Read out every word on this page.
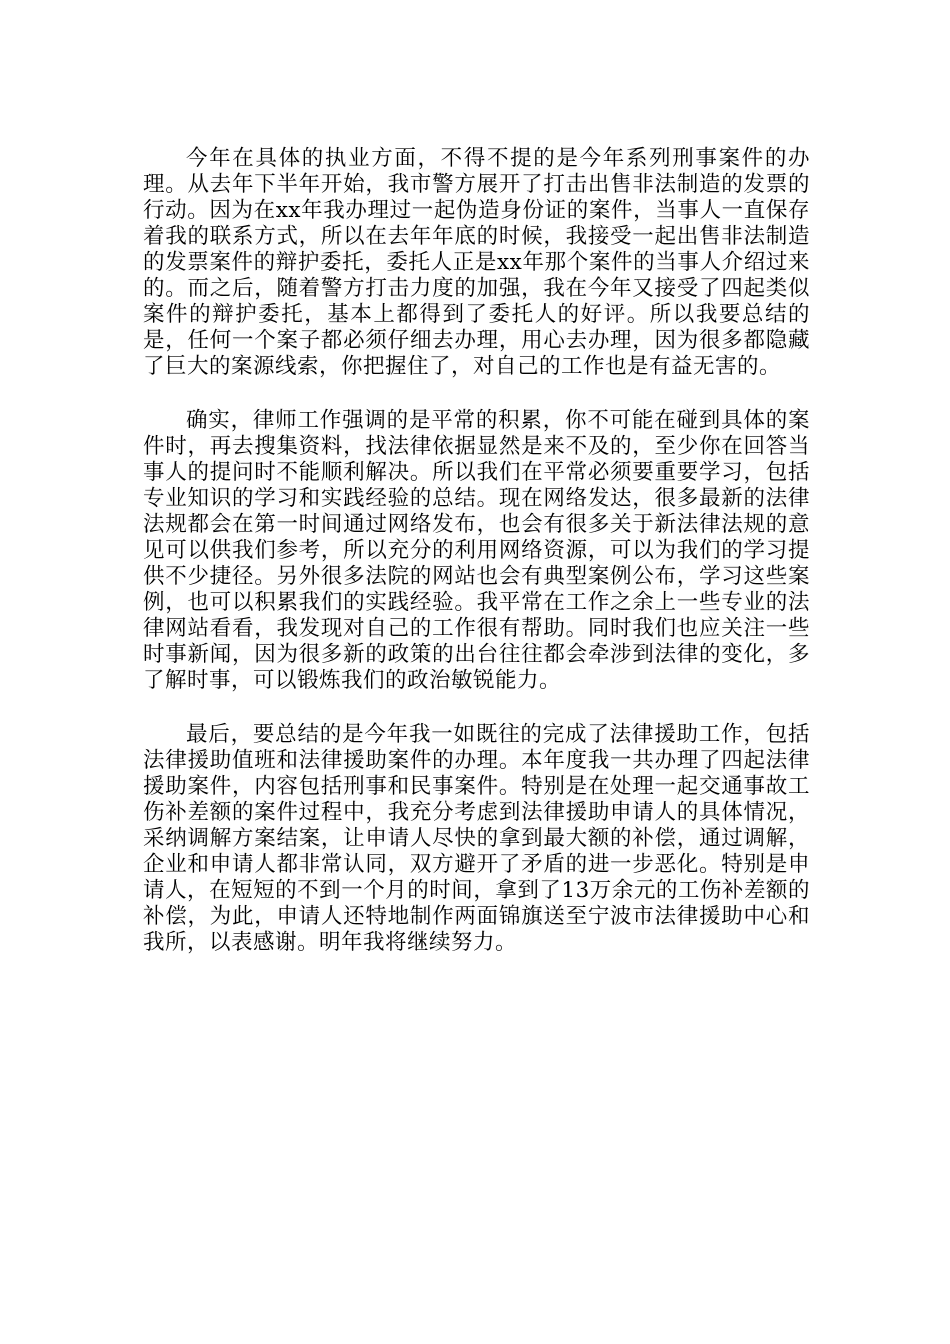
今年在具体的执业方面，不得不提的是今年系列刑事案件的办理。从去年下半年开始，我市警方展开了打击出售非法制造的发票的行动。因为在xx年我办理过一起伪造身份证的案件，当事人一直保存着我的联系方式，所以在去年年底的时候，我接受一起出售非法制造的发票案件的辩护委托，委托人正是xx年那个案件的当事人介绍过来的。而之后，随着警方打击力度的加强，我在今年又接受了四起类似案件的辩护委托，基本上都得到了委托人的好评。所以我要总结的是，任何一个案子都必须仔细去办理，用心去办理，因为很多都隐藏了巨大的案源线索，你把握住了，对自己的工作也是有益无害的。

确实，律师工作强调的是平常的积累，你不可能在碰到具体的案件时，再去搜集资料，找法律依据显然是来不及的，至少你在回答当事人的提问时不能顺利解决。所以我们在平常必须要重要学习，包括专业知识的学习和实践经验的总结。现在网络发达，很多最新的法律法规都会在第一时间通过网络发布，也会有很多关于新法律法规的意见可以供我们参考，所以充分的利用网络资源，可以为我们的学习提供不少捷径。另外很多法院的网站也会有典型案例公布，学习这些案例，也可以积累我们的实践经验。我平常在工作之余上一些专业的法律网站看看，我发现对自己的工作很有帮助。同时我们也应关注一些时事新闻，因为很多新的政策的出台往往都会牵涉到法律的变化，多了解时事，可以锻炼我们的政治敏锐能力。

最后，要总结的是今年我一如既往的完成了法律援助工作，包括法律援助值班和法律援助案件的办理。本年度我一共办理了四起法律援助案件，内容包括刑事和民事案件。特别是在处理一起交通事故工伤补差额的案件过程中，我充分考虑到法律援助申请人的具体情况，采纳调解方案结案，让申请人尽快的拿到最大额的补偿，通过调解，企业和申请人都非常认同，双方避开了矛盾的进一步恶化。特别是申请人，在短短的不到一个月的时间，拿到了13万余元的工伤补差额的补偿，为此，申请人还特地制作两面锦旗送至宁波市法律援助中心和我所，以表感谢。明年我将继续努力。
